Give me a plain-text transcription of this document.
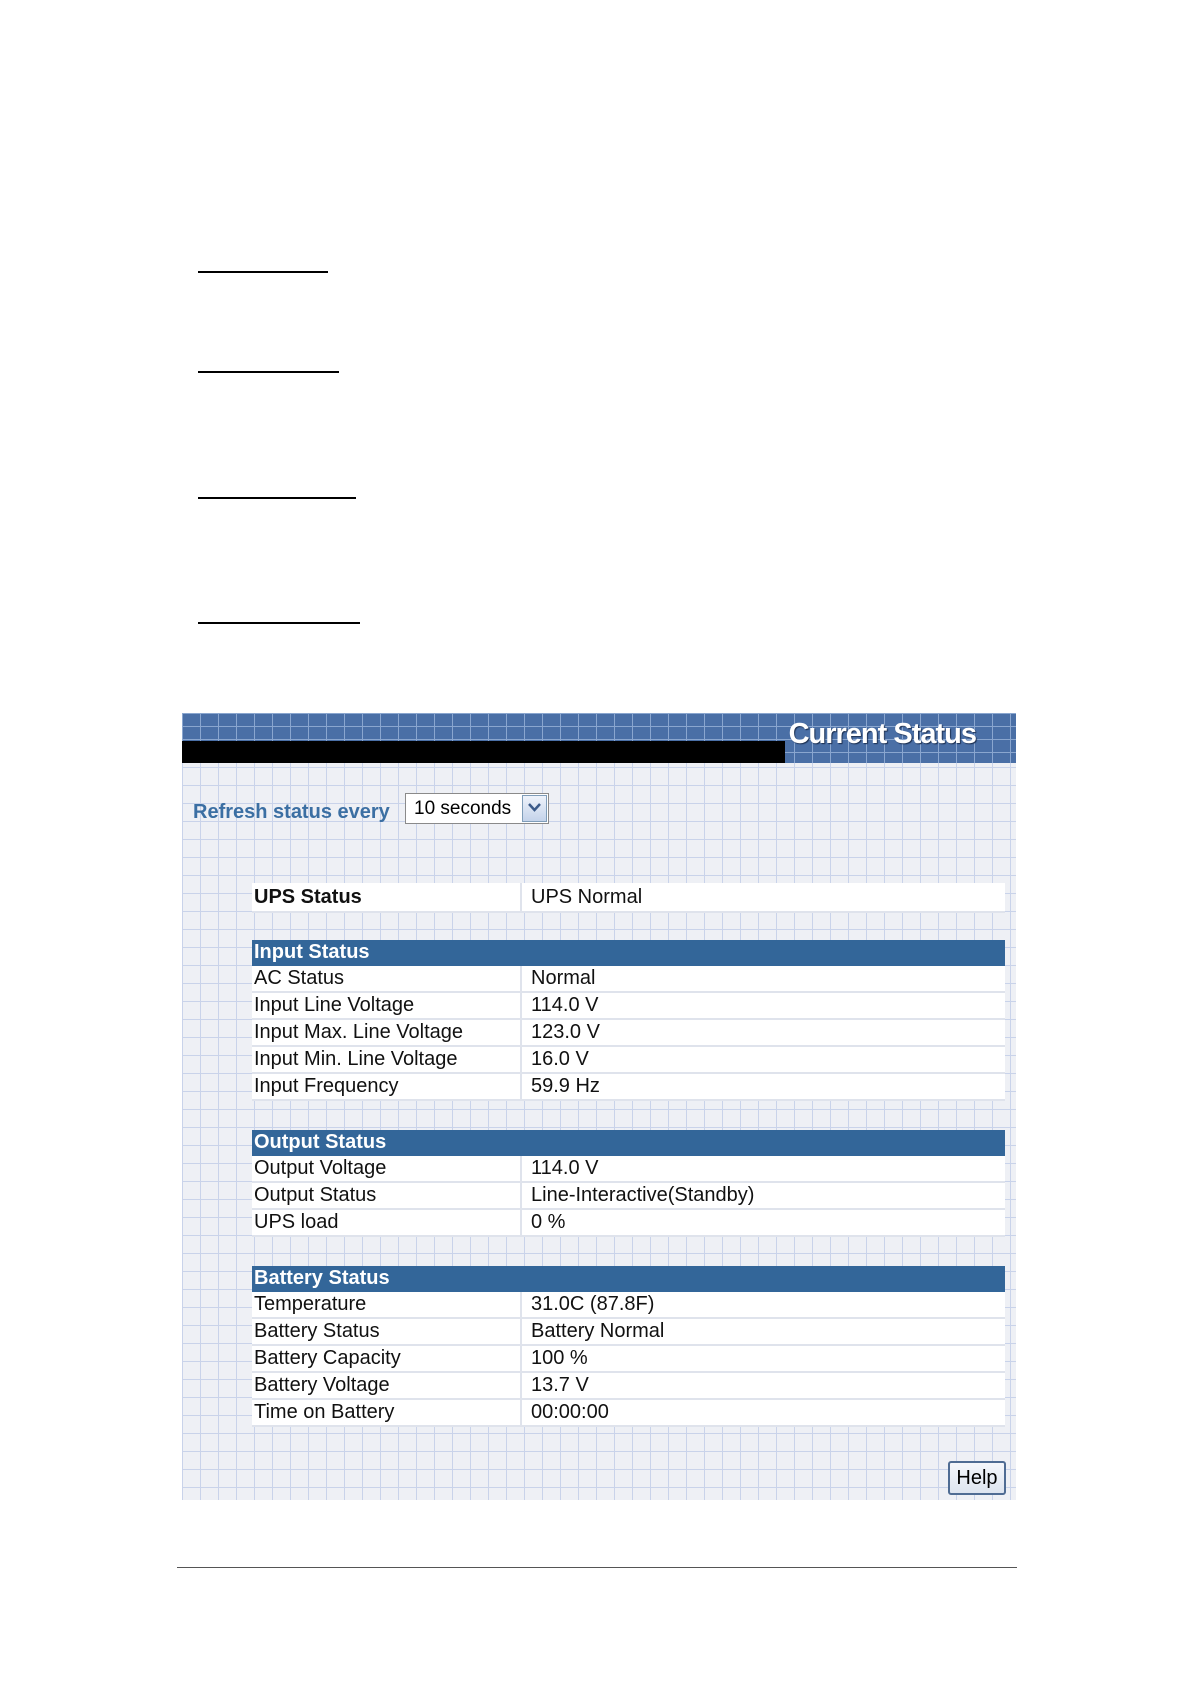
Current Status
Refresh status every 10 seconds
UPS Status	UPS Normal
Input Status
AC Status	Normal
Input Line Voltage	114.0 V
Input Max. Line Voltage	123.0 V
Input Min. Line Voltage	16.0 V
Input Frequency	59.9 Hz
Output Status
Output Voltage	114.0 V
Output Status	Line-Interactive(Standby)
UPS load	0 %
Battery Status
Temperature	31.0C (87.8F)
Battery Status	Battery Normal
Battery Capacity	100 %
Battery Voltage	13.7 V
Time on Battery	00:00:00
Help
